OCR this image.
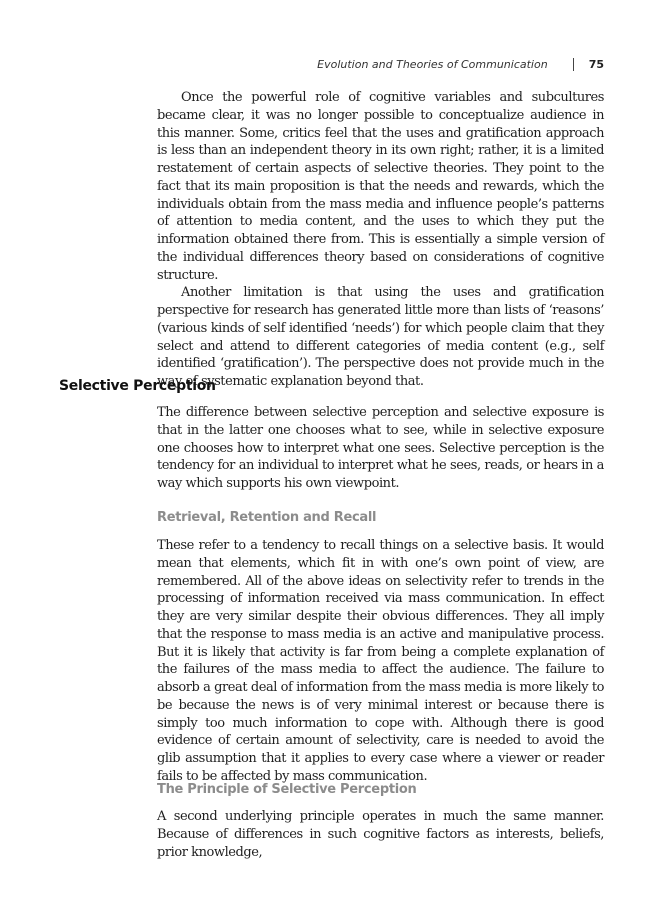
Evolution and Theories of Communication	75

Once the powerful role of cognitive variables and subcultures became clear, it was no longer possible to conceptualize audience in this manner. Some, critics feel that the uses and gratification approach is less than an independent theory in its own right; rather, it is a limited restatement of certain aspects of selective theories. They point to the fact that its main proposition is that the needs and rewards, which the individuals obtain from the mass media and influence people’s patterns of attention to media content, and the uses to which they put the information obtained there from. This is essentially a simple version of the individual differences theory based on considerations of cognitive structure.

Another limitation is that using the uses and gratification perspective for research has generated little more than lists of ‘reasons’ (various kinds of self identified ‘needs’) for which people claim that they select and attend to different categories of media content (e.g., self identified ‘gratification’). The perspective does not provide much in the way of systematic explanation beyond that.

Selective Perception

The difference between selective perception and selective exposure is that in the latter one chooses what to see, while in selective exposure one chooses how to interpret what one sees. Selective perception is the tendency for an individual to interpret what he sees, reads, or hears in a way which supports his own viewpoint.

Retrieval, Retention and Recall

These refer to a tendency to recall things on a selective basis. It would mean that elements, which fit in with one’s own point of view, are remembered. All of the above ideas on selectivity refer to trends in the processing of information received via mass communication. In effect they are very similar despite their obvious differences. They all imply that the response to mass media is an active and manipulative process. But it is likely that activity is far from being a complete explanation of the failures of the mass media to affect the audience. The failure to absorb a great deal of information from the mass media is more likely to be because the news is of very minimal interest or because there is simply too much information to cope with. Although there is good evidence of certain amount of selectivity, care is needed to avoid the glib assumption that it applies to every case where a viewer or reader fails to be affected by mass communication.

The Principle of Selective Perception

A second underlying principle operates in much the same manner. Because of differences in such cognitive factors as interests, beliefs, prior knowledge,
